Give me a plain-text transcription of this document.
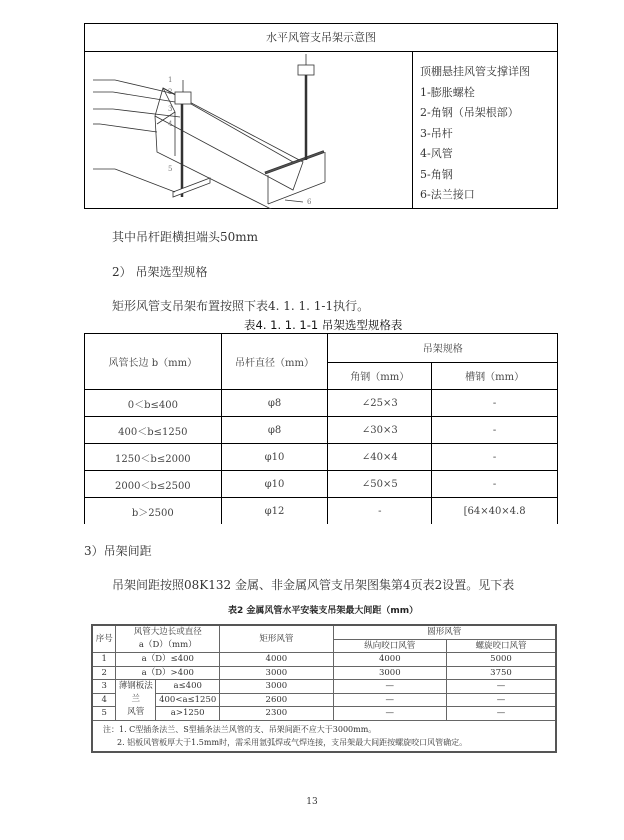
水平风管支吊架示意图
1
2
3
4
5
6
顶棚悬挂风管支撑详图
1-膨胀螺栓
2-角钢（吊架根部）
3-吊杆
4-风管
5-角钢
6-法兰接口
其中吊杆距横担端头50mm
2） 吊架选型规格
矩形风管支吊架布置按照下表4. 1. 1. 1-1执行。
表4. 1. 1. 1-1 吊架选型规格表
风管长边 b（mm）	吊杆直径（mm）	吊架规格	
		角钢（mm）	槽钢（mm）
0＜b≤400	φ8	∠25×3	-
400＜b≤1250	φ8	∠30×3	-
1250＜b≤2000	φ10	∠40×4	-
2000＜b≤2500	φ10	∠50×5	-
b＞2500	φ12	-	[64×40×4.8
3）吊架间距
吊架间距按照08K132 金属、非金属风管支吊架图集第4页表2设置。见下表
表2 金属风管水平安装支吊架最大间距（mm）
序号	风管大边长或直径
a（D）（mm）		矩形风管	圆形风管	
				纵向咬口风管	螺旋咬口风管
1	a（D）≤400		4000	4000	5000
2	a（D）>400		3000	3000	3750
3	薄钢板法兰
风管	a≤400	3000	—	—
4		400<a≤1250	2600	—	—
5		a>1250	2300	—	—

注：1. C型插条法兰、S型插条法兰风管的支、吊架间距不应大于3000mm。
2. 铝板风管板厚大于1.5mm时，需采用氩弧焊或气焊连接，支吊架最大间距按螺旋咬口风管确定。					
13
